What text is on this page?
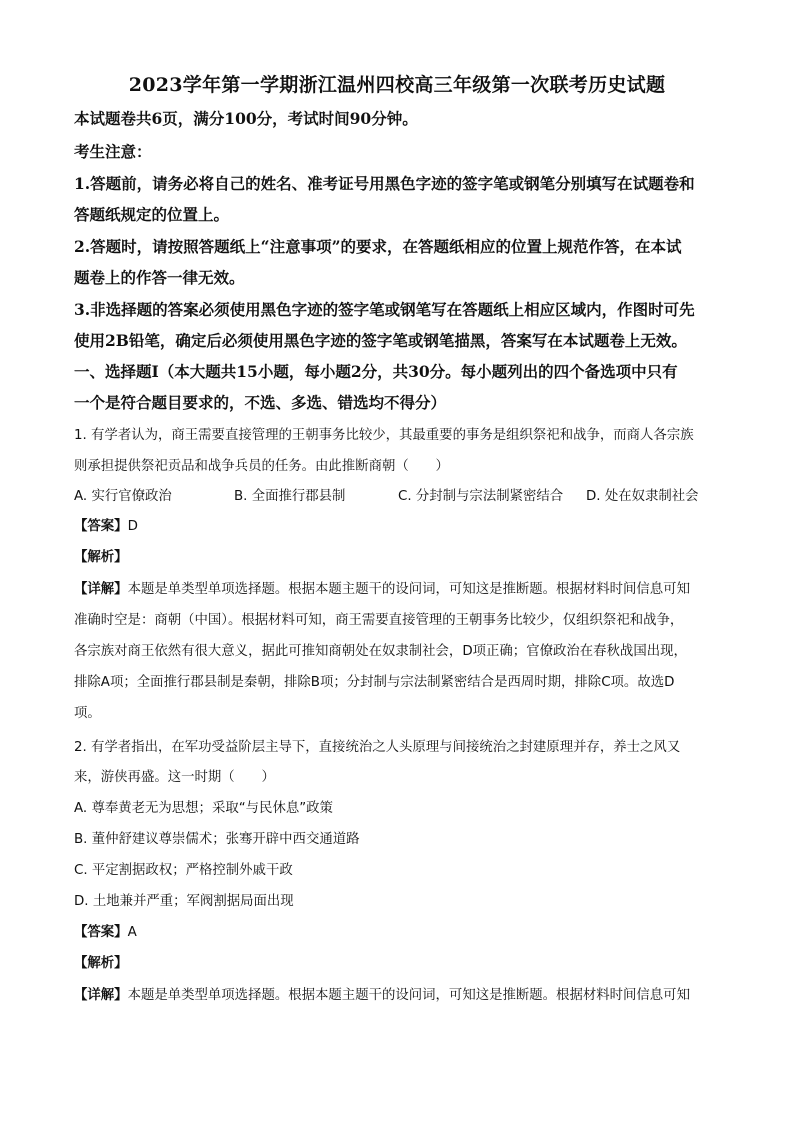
2023学年第一学期浙江温州四校高三年级第一次联考历史试题
本试题卷共6页，满分100分，考试时间90分钟。
考生注意：
1.答题前，请务必将自己的姓名、准考证号用黑色字迹的签字笔或钢笔分别填写在试题卷和
答题纸规定的位置上。
2.答题时，请按照答题纸上“注意事项”的要求，在答题纸相应的位置上规范作答，在本试
题卷上的作答一律无效。
3.非选择题的答案必须使用黑色字迹的签字笔或钢笔写在答题纸上相应区域内，作图时可先
使用2B铅笔，确定后必须使用黑色字迹的签字笔或钢笔描黑，答案写在本试题卷上无效。
一、选择题Ⅰ（本大题共15小题，每小题2分，共30分。每小题列出的四个备选项中只有
一个是符合题目要求的，不选、多选、错选均不得分）
1. 有学者认为，商王需要直接管理的王朝事务比较少，其最重要的事务是组织祭祀和战争，而商人各宗族
则承担提供祭祀贡品和战争兵员的任务。由此推断商朝（　　）
A. 实行官僚政治	B. 全面推行郡县制	C. 分封制与宗法制紧密结合 D. 处在奴隶制社会
【答案】D
【解析】
【详解】本题是单类型单项选择题。根据本题主题干的设问词，可知这是推断题。根据材料时间信息可知
准确时空是：商朝（中国）。根据材料可知，商王需要直接管理的王朝事务比较少，仅组织祭祀和战争，
各宗族对商王依然有很大意义，据此可推知商朝处在奴隶制社会，D项正确；官僚政治在春秋战国出现，
排除A项；全面推行郡县制是秦朝，排除B项；分封制与宗法制紧密结合是西周时期，排除C项。故选D
项。
2. 有学者指出，在军功受益阶层主导下，直接统治之人头原理与间接统治之封建原理并存，养士之风又
来，游侠再盛。这一时期（　　）
A. 尊奉黄老无为思想；采取“与民休息”政策
B. 董仲舒建议尊崇儒术；张骞开辟中西交通道路
C. 平定割据政权；严格控制外戚干政
D. 土地兼并严重；军阀割据局面出现
【答案】A
【解析】
【详解】本题是单类型单项选择题。根据本题主题干的设问词，可知这是推断题。根据材料时间信息可知
